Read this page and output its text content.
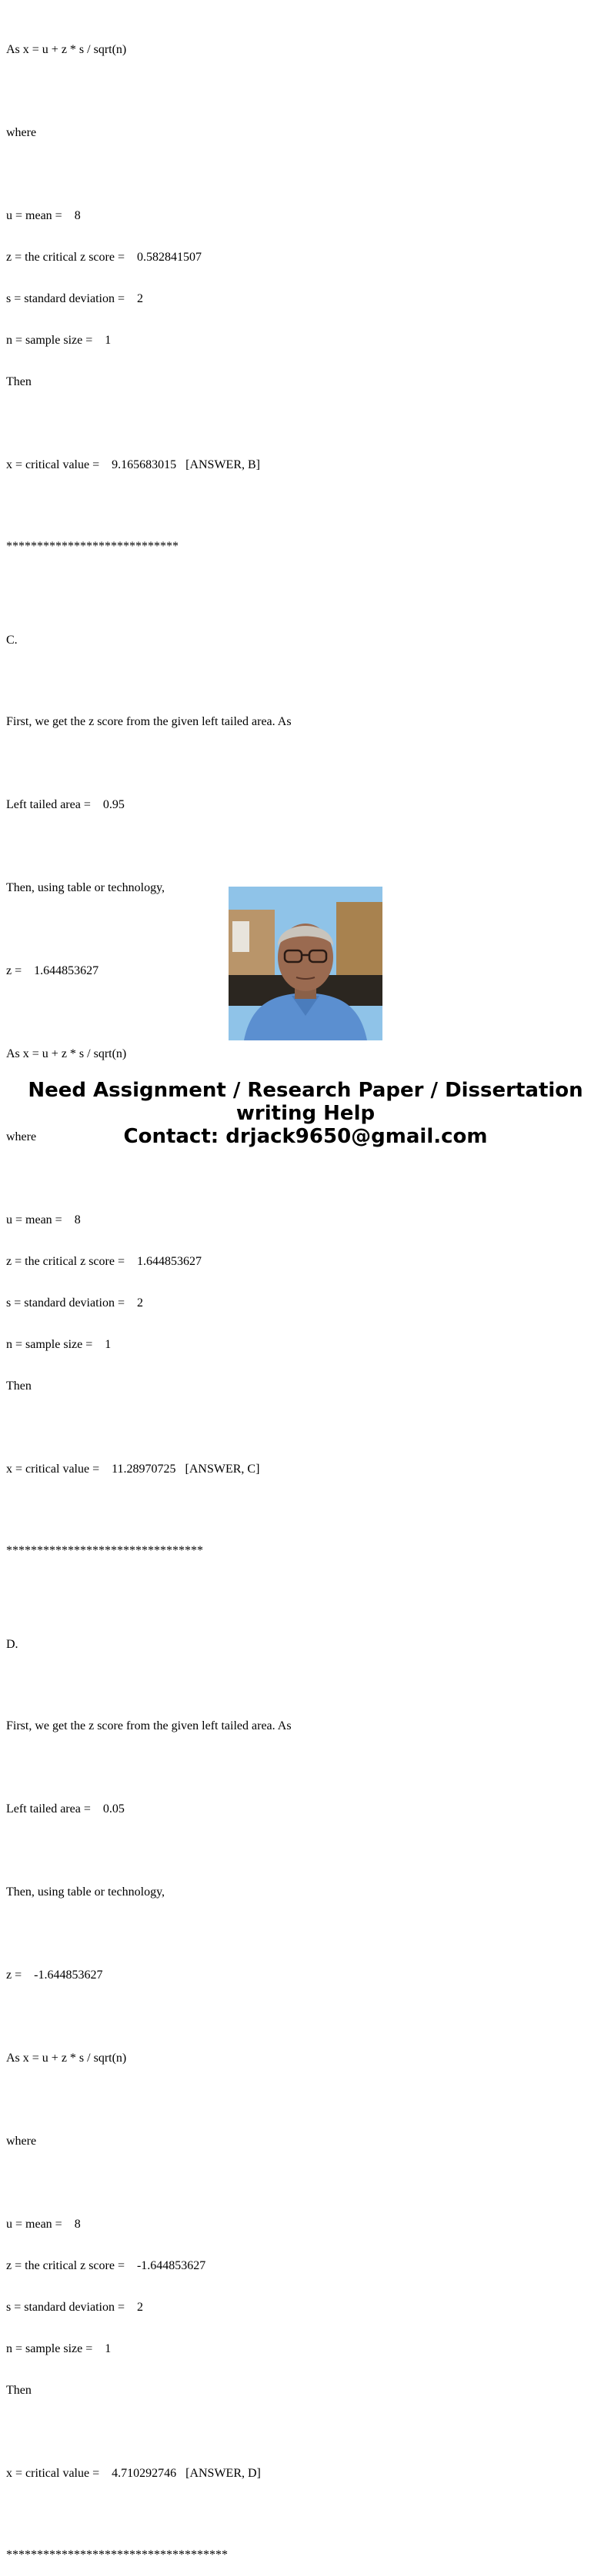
As x = u + z * s / sqrt(n)

where

u = mean =    8

z = the critical z score =    0.582841507

s = standard deviation =    2

n = sample size =    1

Then

x = critical value =    9.165683015   [ANSWER, B]

****************************

C.

First, we get the z score from the given left tailed area. As

Left tailed area =    0.95

Then, using table or technology,

z =    1.644853627

As x = u + z * s / sqrt(n)

where

u = mean =    8

z = the critical z score =    1.644853627

s = standard deviation =    2

n = sample size =    1

Then

x = critical value =    11.28970725   [ANSWER, C]

********************************

D.

First, we get the z score from the given left tailed area. As

Left tailed area =    0.05

Then, using table or technology,

z =    -1.644853627

As x = u + z * s / sqrt(n)

where

u = mean =    8

z = the critical z score =    -1.644853627

s = standard deviation =    2

n = sample size =    1

Then

x = critical value =    4.710292746   [ANSWER, D]

************************************

Need Assignment / Research Paper / Dissertation
writing Help
Contact: drjack9650@gmail.com
